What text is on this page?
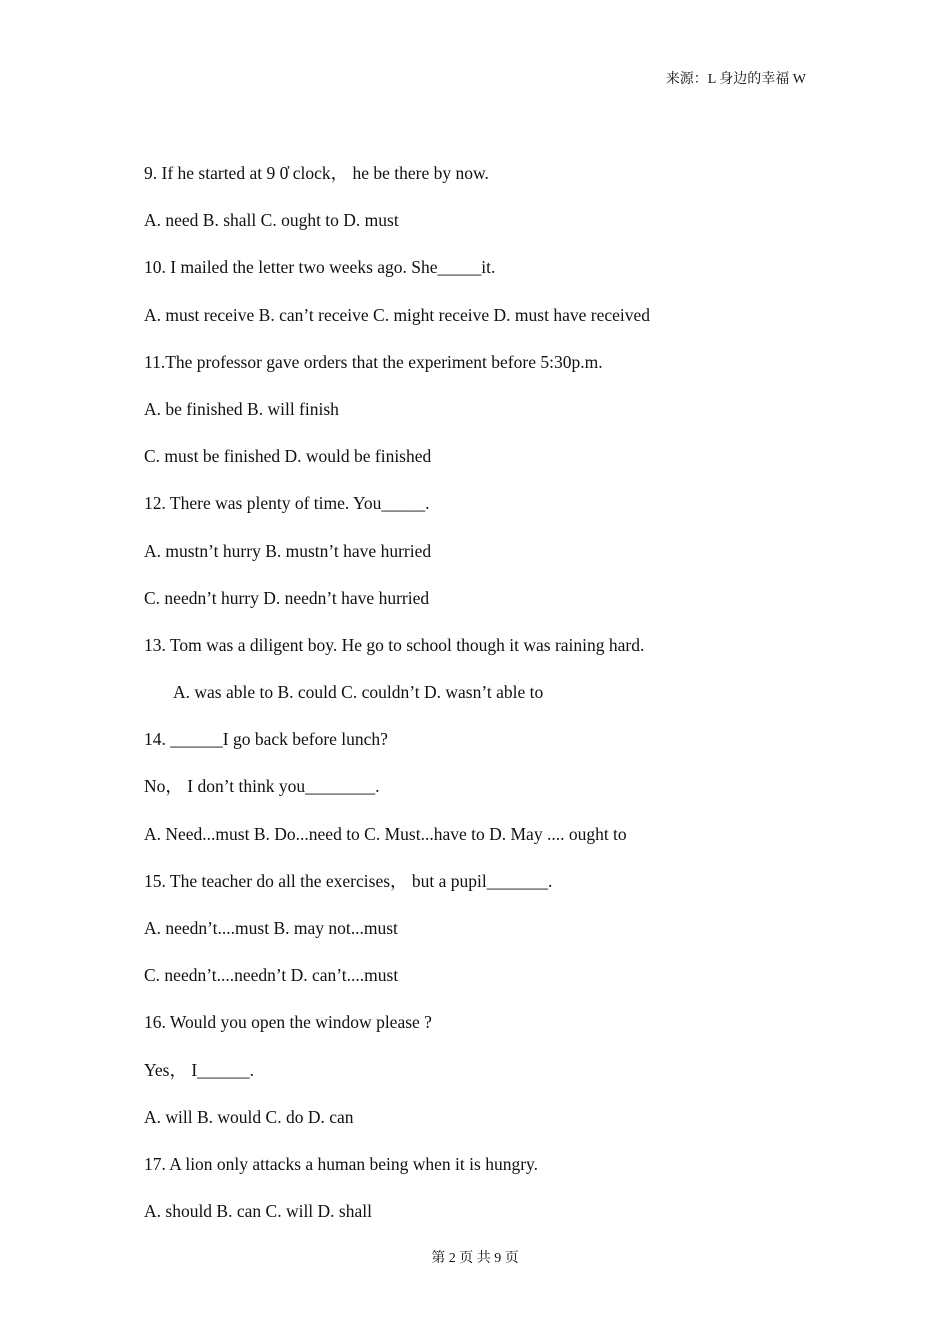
来源：L 身边的幸福 W
9. If he started at 9 0̓ clock， he be there by now.
A. need B. shall C. ought to D. must
10. I mailed the letter two weeks ago. She_____it.
A. must receive B. can’t receive C. might receive D. must have received
11.The professor gave orders that the experiment before 5:30p.m.
A. be finished B. will finish
C. must be finished D. would be finished
12. There was plenty of time. You_____.
A. mustn’t hurry B. mustn’t have hurried
C. needn’t hurry D. needn’t have hurried
13. Tom was a diligent boy. He go to school though it was raining hard.
A. was able to B. could C. couldn’t D. wasn’t able to
14. ______I go back before lunch?
No， I don’t think you________.
A. Need...must B. Do...need to C. Must...have to D. May .... ought to
15. The teacher do all the exercises， but a pupil_______.
A. needn’t....must B. may not...must
C. needn’t....needn’t D. can’t....must
16. Would you open the window please ?
Yes， I______.
A. will B. would C. do D. can
17. A lion only attacks a human being when it is hungry.
A. should B. can C. will D. shall
第 2 页 共 9 页
